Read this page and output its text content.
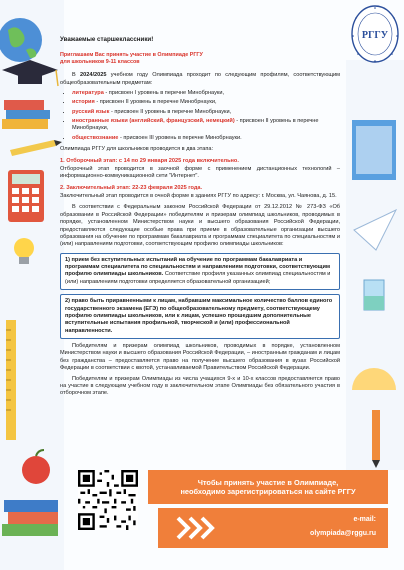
РГГУ
Уважаемые старшеклассники!
Приглашаем Вас принять участие в Олимпиаде РГГУ
для школьников 9-11 классов

В 2024/2025 учебном году Олимпиада проходит по следующим профилям, соответствующим общеобразовательным предметам:

• литература - присвоен I уровень в перечне Минобрнауки,
• история - присвоен II уровень в перечне Минобрнауки,
• русский язык - присвоен II уровень в перечне Минобрнауки,
• иностранные языки (английский, французский, немецкий) - присвоен II уровень в перечне Минобрнауки,
• обществознание - присвоен III уровень в перечне Минобрнауки.

Олимпиада РГГУ для школьников проводится в два этапа:

1. Отборочный этап: с 14 по 29 января 2025 года включительно.

Отборочный этап проводится в заочной форме с применением дистанционных технологий – информационно-коммуникационной сети "Интернет".

2. Заключительный этап: 22-23 февраля 2025 года.

Заключительный этап проводится в очной форме в зданиях РГГУ по адресу: г. Москва, ул. Чаянова, д. 15.

В соответствии с Федеральным законом Российской Федерации от 29.12.2012 № 273-ФЗ «Об образовании в Российской Федерации» победителям и призерам олимпиад школьников, проводимых в порядке, установленном Министерством науки и высшего образования Российской Федерации, предоставляются следующие особые права при приеме в образовательные организации высшего образования на обучение по программам бакалавриата и программам специалитета по специальностям и (или) направлениям подготовки, соответствующим профилю олимпиады школьников:

1) прием без вступительных испытаний на обучение по программам бакалавриата и программам специалитета по специальностям и направлениям подготовки, соответствующим профилю олимпиады школьников. Соответствие профиля указанных олимпиад специальностям и (или) направлениям подготовки определяется образовательной организацией;
2) право быть приравненными к лицам, набравшим максимальное количество баллов единого государственного экзамена (ЕГЭ) по общеобразовательному предмету, соответствующему профилю олимпиады школьников, или к лицам, успешно прошедшим дополнительные вступительные испытания профильной, творческой и (или) профессиональной направленности.

Победителям и призерам олимпиад школьников, проводимых в порядке, установленном Министерством науки и высшего образования Российской Федерации, – иностранным гражданам и лицам без гражданства – предоставляется право на получение высшего образования в вузах Российской Федерации в соответствии с квотой, устанавливаемой Правительством Российской Федерации.

Победителям и призерам Олимпиады из числа учащихся 9-х и 10-х классов предоставляется право на участие в следующем учебном году в заключительном этапе Олимпиады без обязательного участия в отборочном этапе.

Чтобы принять участие в Олимпиаде,
необходимо зарегистрироваться на сайте РГГУ
e-mail:
olympiada@rggu.ru
